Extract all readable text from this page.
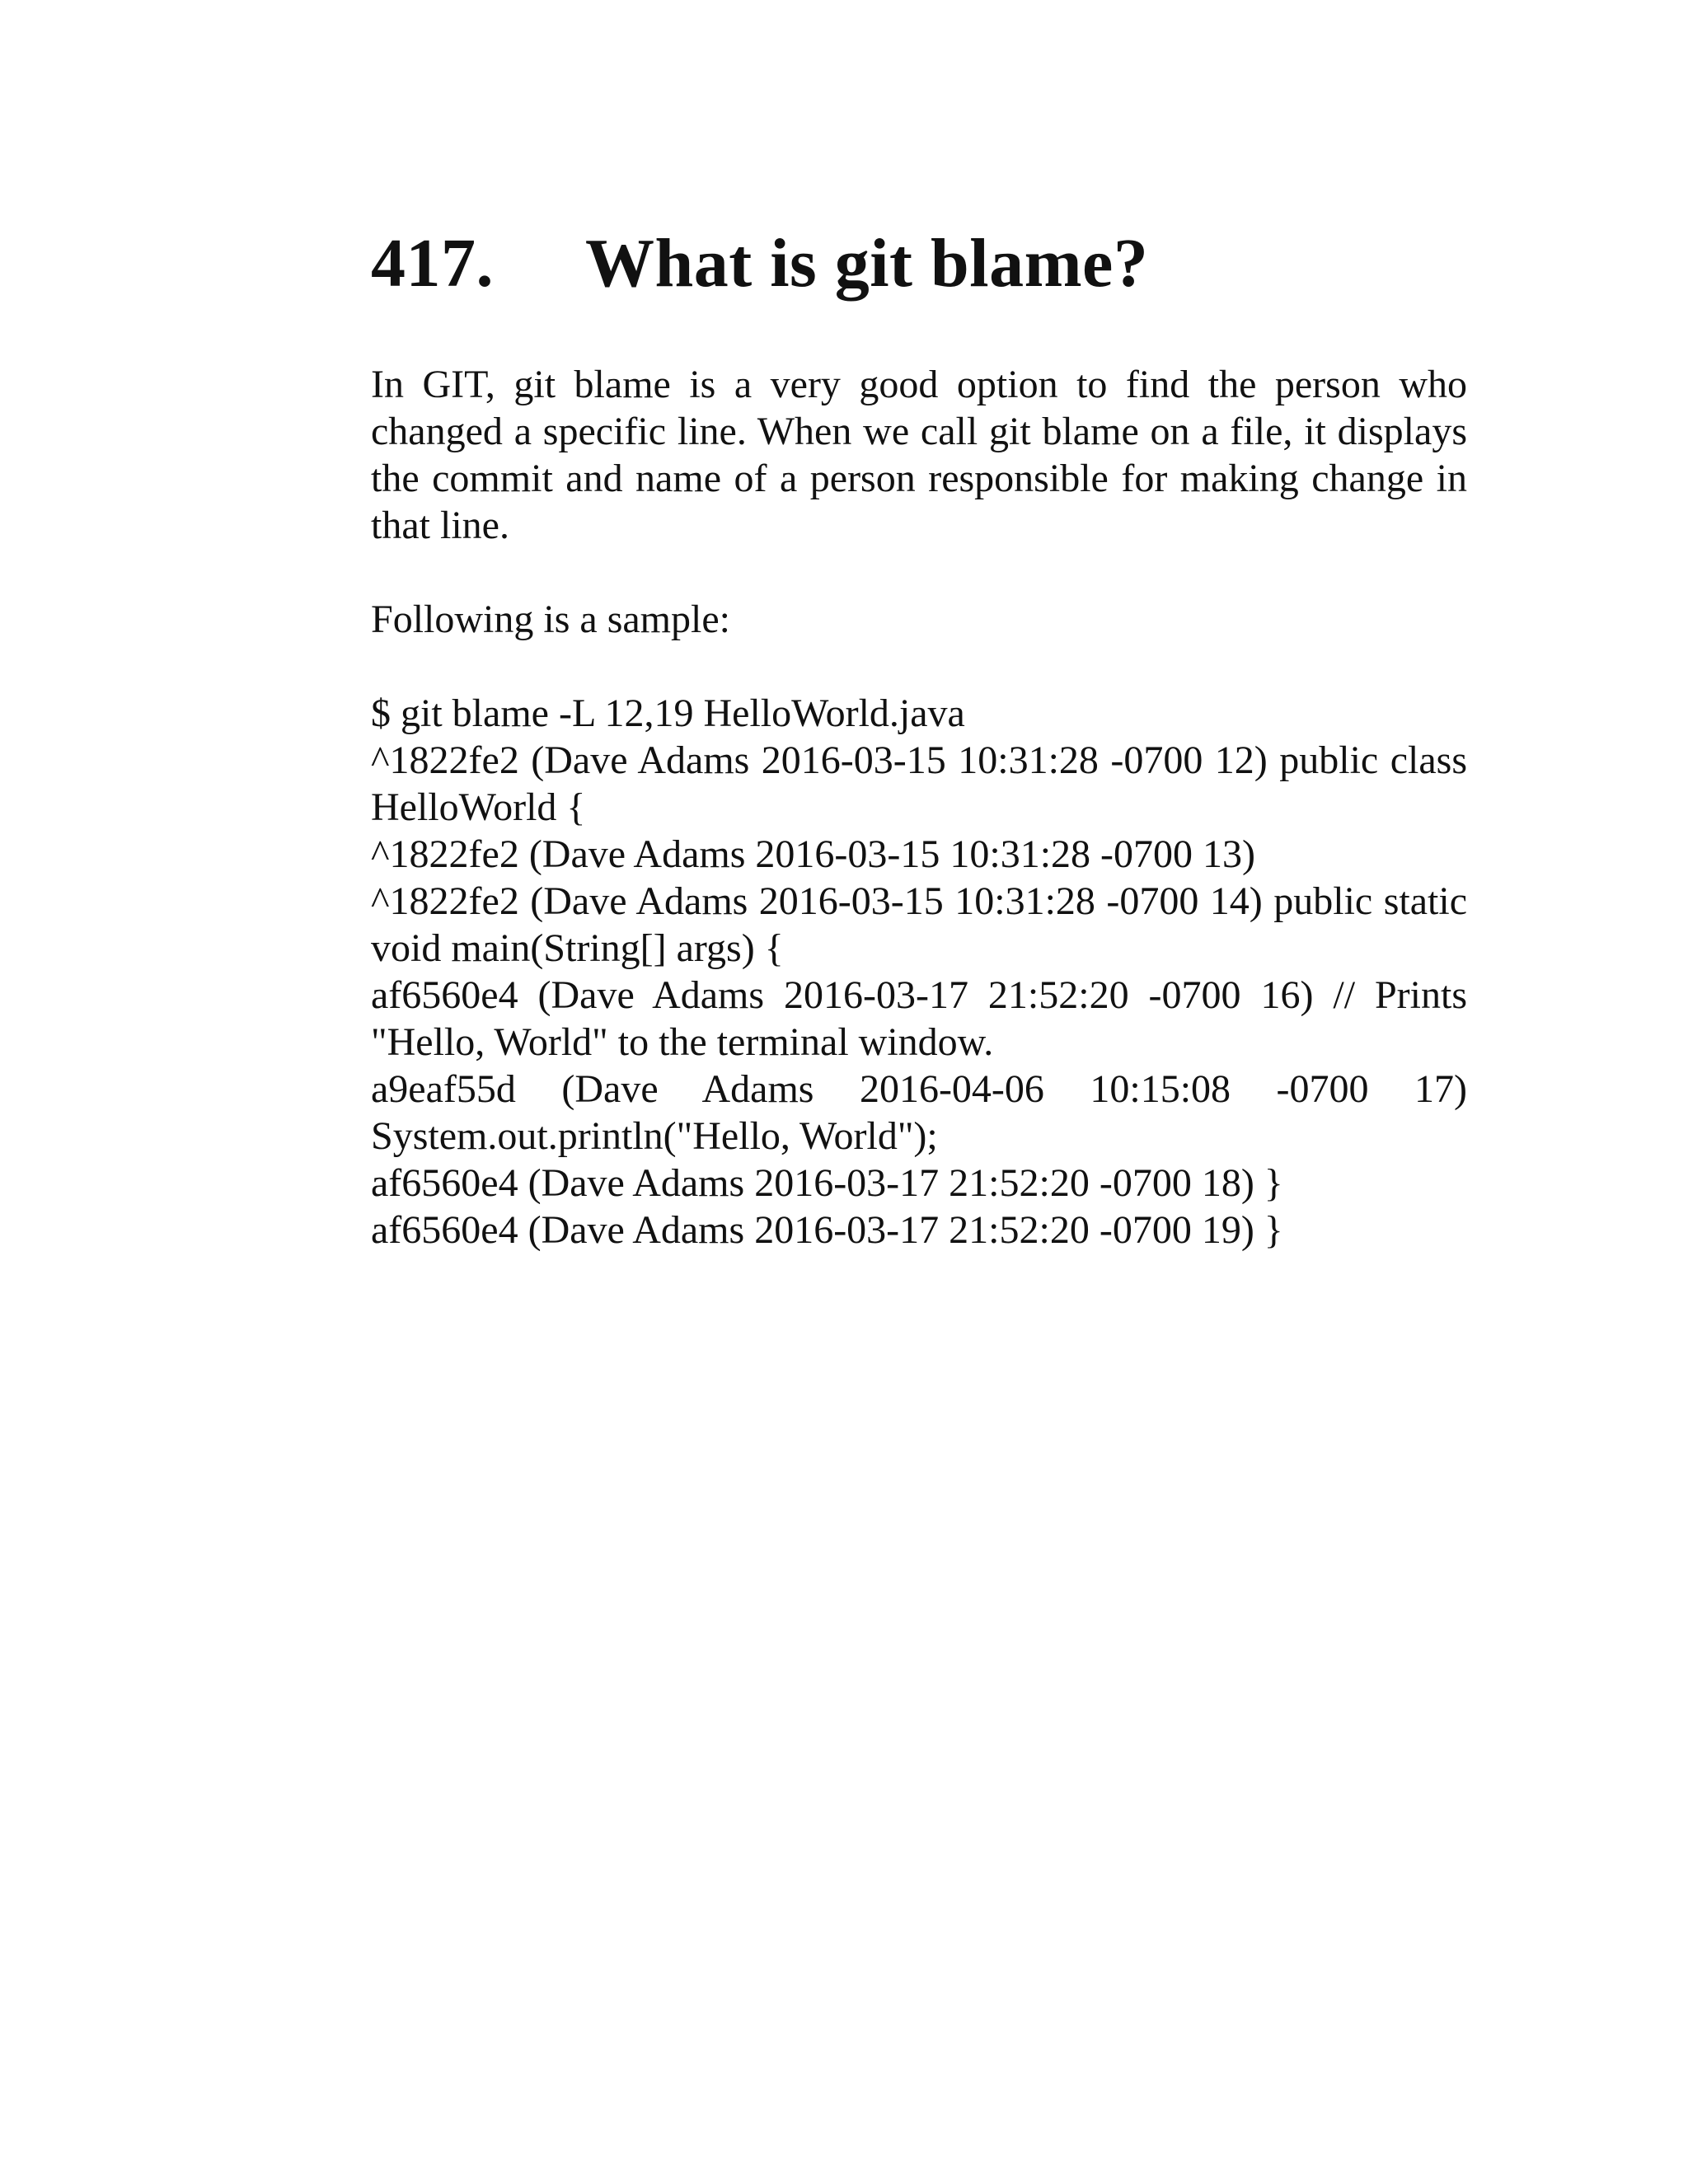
417.	What is git blame?

In GIT, git blame is a very good option to find the person who changed a specific line. When we call git blame on a file, it displays the commit and name of a person responsible for making change in that line.

Following is a sample:

$ git blame -L 12,19 HelloWorld.java

^1822fe2 (Dave Adams 2016-03-15 10:31:28 -0700 12) public class HelloWorld {

^1822fe2 (Dave Adams 2016-03-15 10:31:28 -0700 13)

^1822fe2 (Dave Adams 2016-03-15 10:31:28 -0700 14) public static void main(String[] args) {

af6560e4 (Dave Adams 2016-03-17 21:52:20 -0700 16) // Prints "Hello, World" to the terminal window.

a9eaf55d (Dave Adams 2016-04-06 10:15:08 -0700 17) System.out.println("Hello, World");

af6560e4 (Dave Adams 2016-03-17 21:52:20 -0700 18) }

af6560e4 (Dave Adams 2016-03-17 21:52:20 -0700 19) }
